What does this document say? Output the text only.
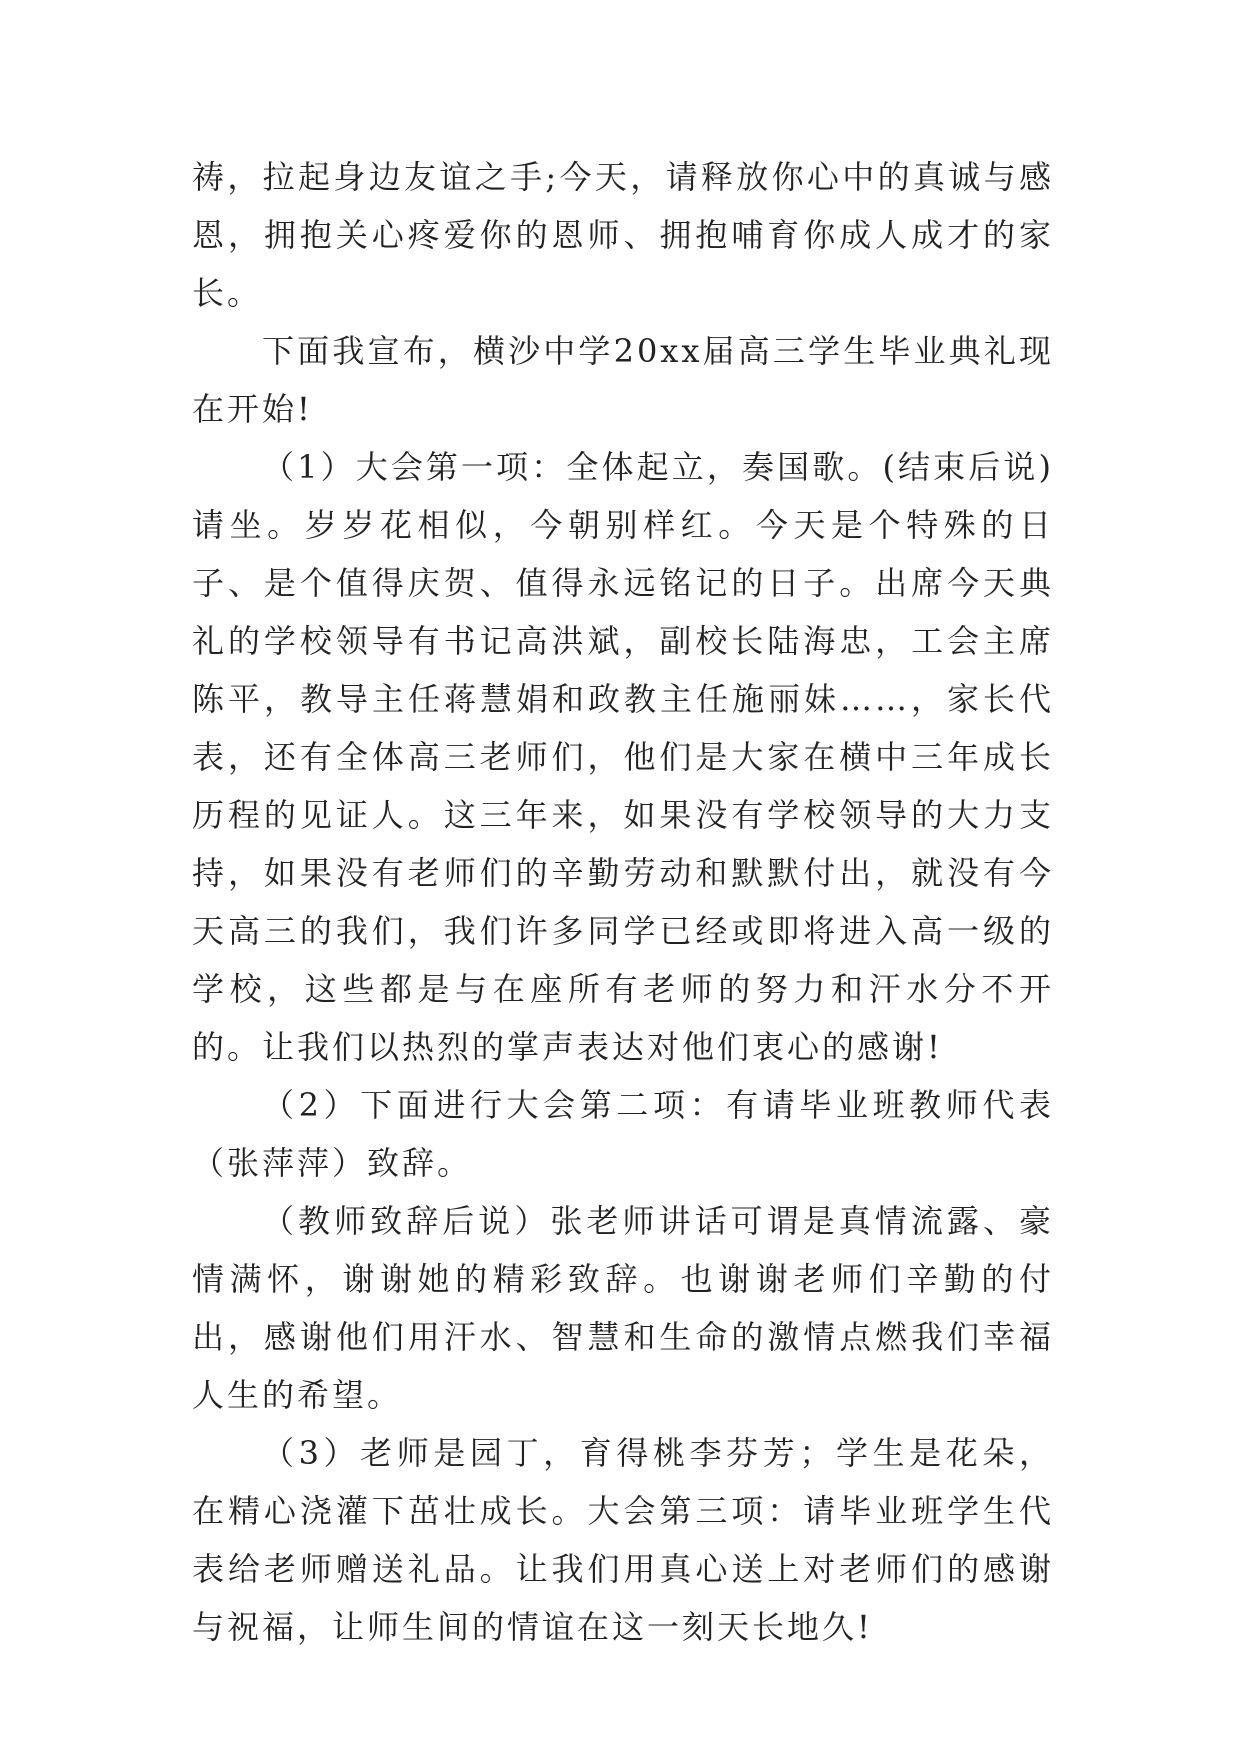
祷，拉起身边友谊之手;今天，请释放你心中的真诚与感恩，拥抱关心疼爱你的恩师、拥抱哺育你成人成才的家长。

下面我宣布，横沙中学20xx届高三学生毕业典礼现在开始!

（1）大会第一项：全体起立，奏国歌。(结束后说)请坐。岁岁花相似，今朝别样红。今天是个特殊的日子、是个值得庆贺、值得永远铭记的日子。出席今天典礼的学校领导有书记高洪斌，副校长陆海忠，工会主席陈平，教导主任蒋慧娟和政教主任施丽妹……，家长代表，还有全体高三老师们，他们是大家在横中三年成长历程的见证人。这三年来，如果没有学校领导的大力支持，如果没有老师们的辛勤劳动和默默付出，就没有今天高三的我们，我们许多同学已经或即将进入高一级的学校，这些都是与在座所有老师的努力和汗水分不开的。让我们以热烈的掌声表达对他们衷心的感谢!

（2）下面进行大会第二项：有请毕业班教师代表（张萍萍）致辞。

（教师致辞后说）张老师讲话可谓是真情流露、豪情满怀，谢谢她的精彩致辞。也谢谢老师们辛勤的付出，感谢他们用汗水、智慧和生命的激情点燃我们幸福人生的希望。

（3）老师是园丁，育得桃李芬芳；学生是花朵，在精心浇灌下茁壮成长。大会第三项：请毕业班学生代表给老师赠送礼品。让我们用真心送上对老师们的感谢与祝福，让师生间的情谊在这一刻天长地久!
